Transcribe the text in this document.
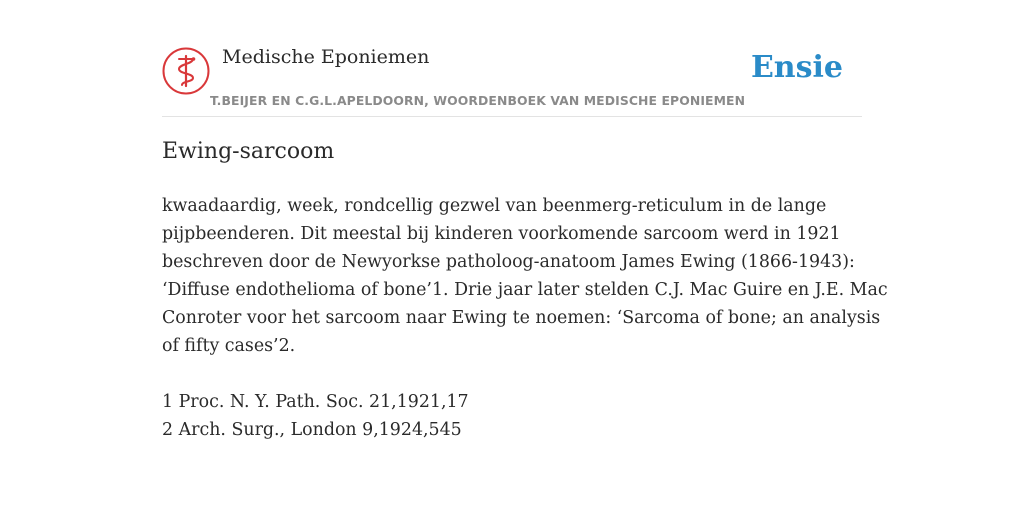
Medische Eponiemen
T.BEIJER EN C.G.L.APELDOORN, WOORDENBOEK VAN MEDISCHE EPONIEMEN
Ensie
Ewing-sarcoom
kwaadaardig, week, rondcellig gezwel van beenmerg-reticulum in de lange
pijpbeenderen. Dit meestal bij kinderen voorkomende sarcoom werd in 1921
beschreven door de Newyorkse patholoog-anatoom James Ewing (1866-1943):
‘Diffuse endothelioma of bone’1. Drie jaar later stelden C.J. Mac Guire en J.E. Mac
Conroter voor het sarcoom naar Ewing te noemen: ‘Sarcoma of bone; an analysis
of fifty cases’2.
1 Proc. N. Y. Path. Soc. 21,1921,17
2 Arch. Surg., London 9,1924,545
